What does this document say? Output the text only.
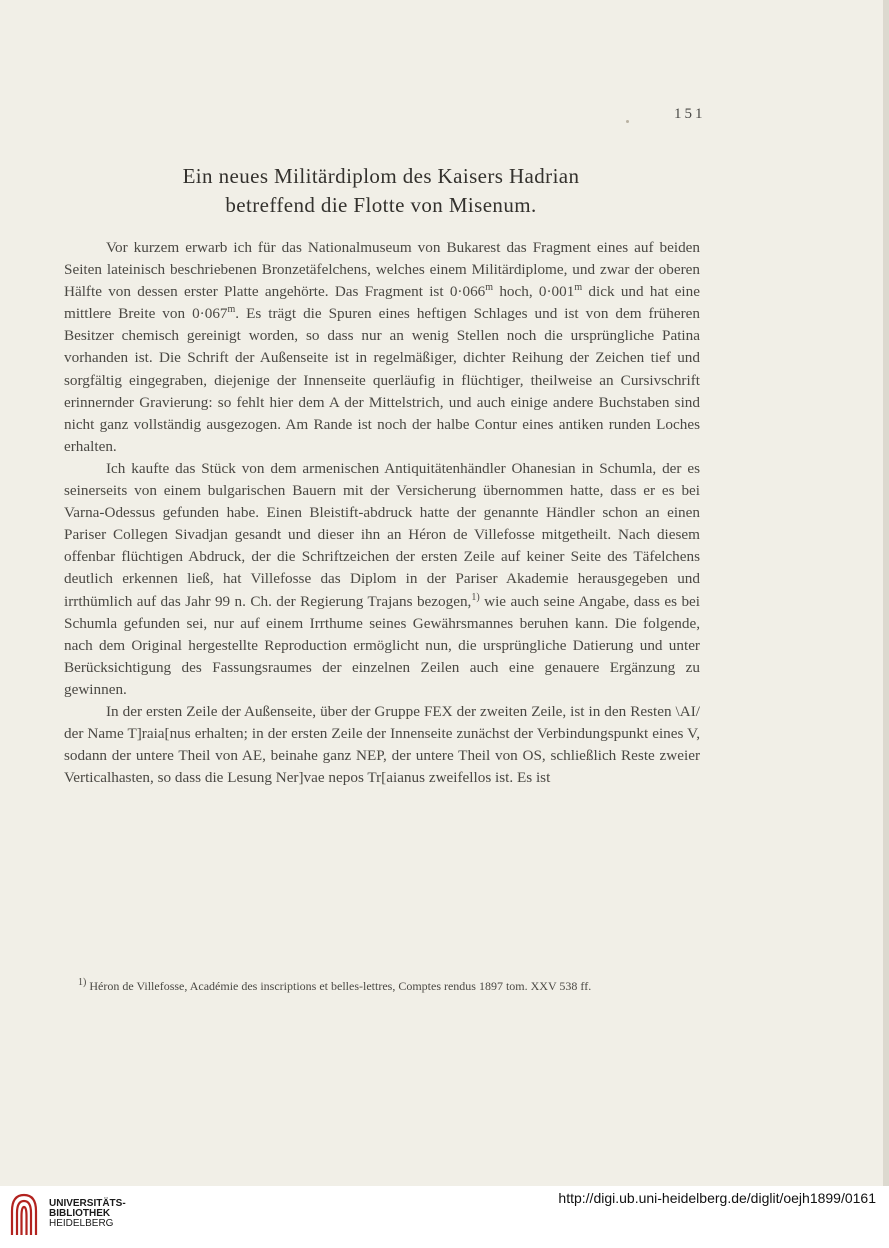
151
Ein neues Militärdiplom des Kaisers Hadrian
betreffend die Flotte von Misenum.

Vor kurzem erwarb ich für das Nationalmuseum von Bukarest das Fragment eines auf beiden Seiten lateinisch beschriebenen Bronzetäfelchens, welches einem Militärdiplome, und zwar der oberen Hälfte von dessen erster Platte angehörte. Das Fragment ist 0·066$^m$ hoch, 0·001$^m$ dick und hat eine mittlere Breite von 0·067$^m$. Es trägt die Spuren eines heftigen Schlages und ist von dem früheren Besitzer chemisch gereinigt worden, so dass nur an wenig Stellen noch die ursprüngliche Patina vorhanden ist. Die Schrift der Außenseite ist in regelmäßiger, dichter Reihung der Zeichen tief und sorgfältig eingegraben, diejenige der Innenseite querläufig in flüchtiger, theilweise an Cursivschrift erinnernder Gravierung: so fehlt hier dem A der Mittelstrich, und auch einige andere Buchstaben sind nicht ganz vollständig ausgezogen. Am Rande ist noch der halbe Contur eines antiken runden Loches erhalten.

Ich kaufte das Stück von dem armenischen Antiquitätenhändler Ohanesian in Schumla, der es seinerseits von einem bulgarischen Bauern mit der Versicherung übernommen hatte, dass er es bei Varna-Odessus gefunden habe. Einen Bleistift-abdruck hatte der genannte Händler schon an einen Pariser Collegen Sivadjan gesandt und dieser ihn an Héron de Villefosse mitgetheilt. Nach diesem offenbar flüchtigen Abdruck, der die Schriftzeichen der ersten Zeile auf keiner Seite des Täfelchens deutlich erkennen ließ, hat Villefosse das Diplom in der Pariser Akademie herausgegeben und irrthümlich auf das Jahr 99 n. Ch. der Regierung Trajans bezogen,$^{1)}$ wie auch seine Angabe, dass es bei Schumla gefunden sei, nur auf einem Irrthume seines Gewährsmannes beruhen kann. Die folgende, nach dem Original hergestellte Reproduction ermöglicht nun, die ursprüngliche Datierung und unter Berücksichtigung des Fassungsraumes der einzelnen Zeilen auch eine genauere Ergänzung zu gewinnen.

In der ersten Zeile der Außenseite, über der Gruppe FEX der zweiten Zeile, ist in den Resten \AI/ der Name T]raia[nus erhalten; in der ersten Zeile der Innenseite zunächst der Verbindungspunkt eines V, sodann der untere Theil von AE, beinahe ganz NEP, der untere Theil von OS, schließlich Reste zweier Verticalhasten, so dass die Lesung Ner]vae nepos Tr[aianus zweifellos ist. Es ist

$^{1)}$ Héron de Villefosse, Académie des inscriptions et belles-lettres, Comptes rendus 1897 tom. XXV 538 ff.

UNIVERSITÄTS-
BIBLIOTHEK
HEIDELBERG
http://digi.ub.uni-heidelberg.de/diglit/oejh1899/0161
